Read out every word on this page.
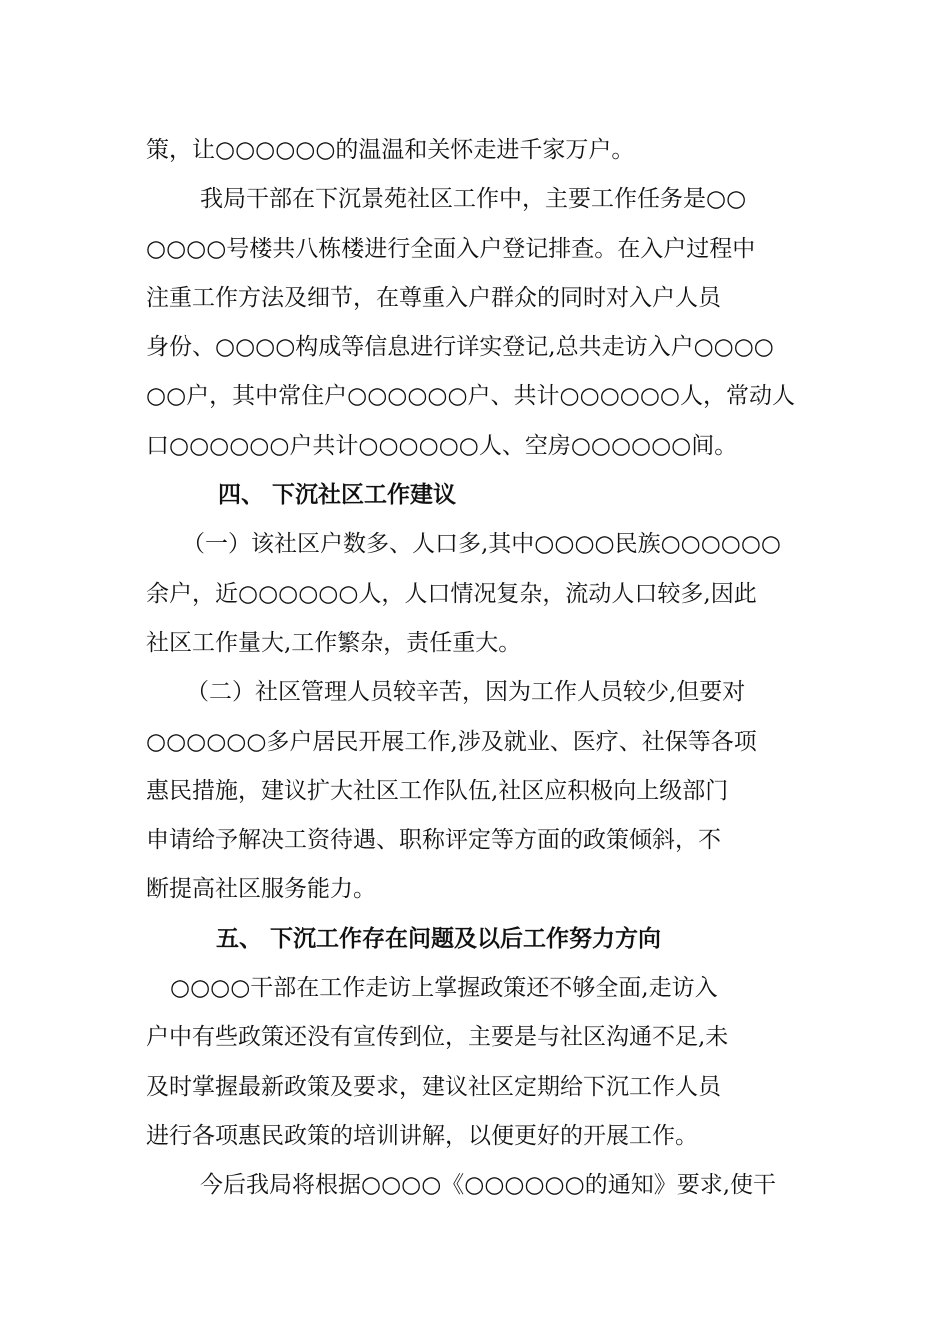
策，让○○○○○○的温温和关怀走进千家万户。
我局干部在下沉景苑社区工作中，主要工作任务是○○
○○○○号楼共八栋楼进行全面入户登记排查。在入户过程中
注重工作方法及细节，在尊重入户群众的同时对入户人员
身份、○○○○构成等信息进行详实登记,总共走访入户○○○○
○○户，其中常住户○○○○○○户、共计○○○○○○人，常动人
口○○○○○○户共计○○○○○○人、空房○○○○○○间。
四、 下沉社区工作建议
（一）该社区户数多、人口多,其中○○○○民族○○○○○○
余户，近○○○○○○人，人口情况复杂，流动人口较多,因此
社区工作量大,工作繁杂，责任重大。
（二）社区管理人员较辛苦，因为工作人员较少,但要对
○○○○○○多户居民开展工作,涉及就业、医疗、社保等各项
惠民措施，建议扩大社区工作队伍,社区应积极向上级部门
申请给予解决工资待遇、职称评定等方面的政策倾斜，不
断提高社区服务能力。
五、 下沉工作存在问题及以后工作努力方向
○○○○干部在工作走访上掌握政策还不够全面,走访入
户中有些政策还没有宣传到位，主要是与社区沟通不足,未
及时掌握最新政策及要求，建议社区定期给下沉工作人员
进行各项惠民政策的培训讲解，以便更好的开展工作。
今后我局将根据○○○○《○○○○○○的通知》要求,使干
